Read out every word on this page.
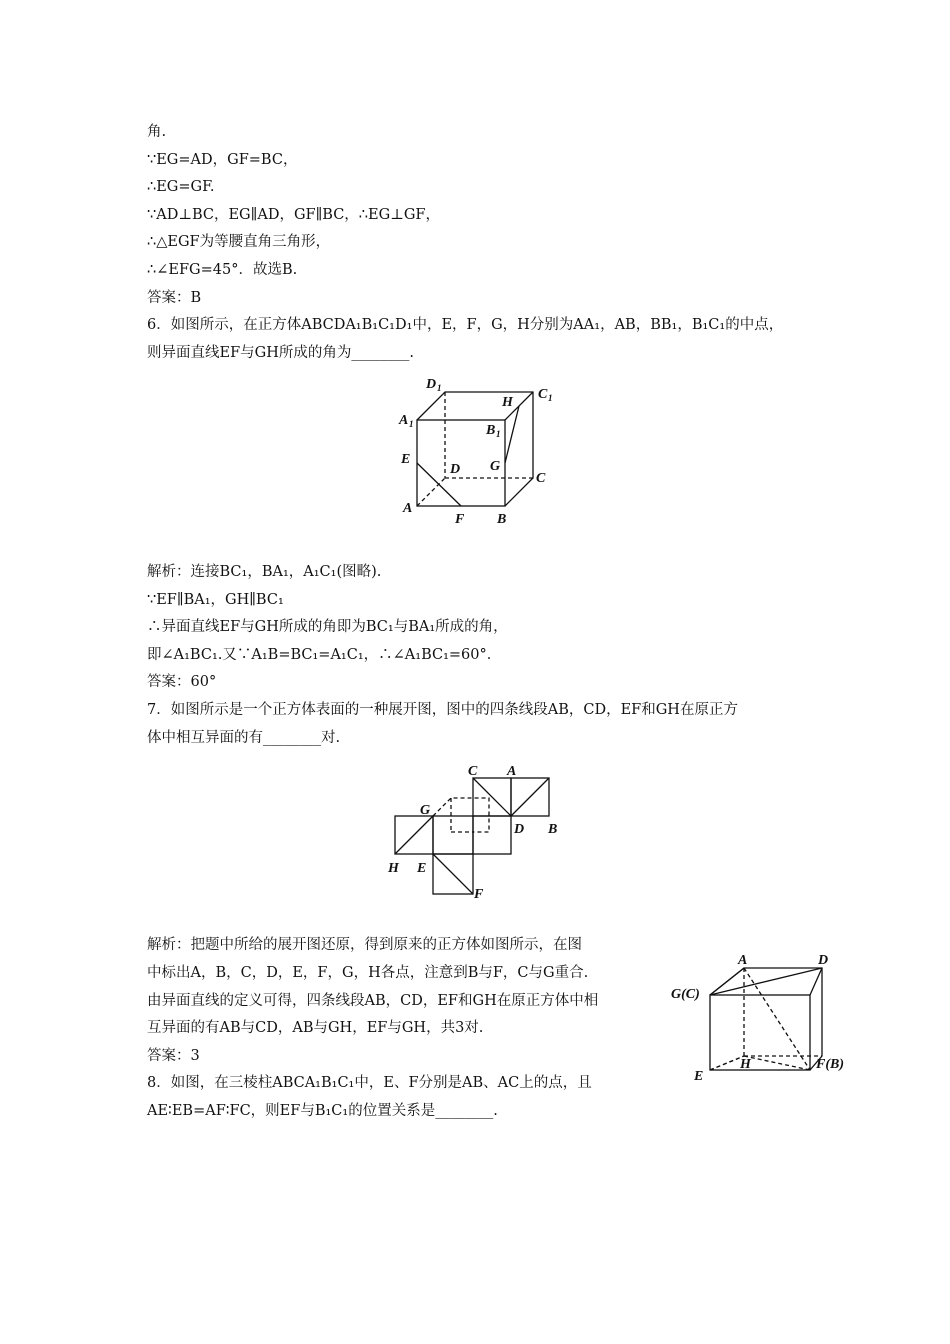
角.
∵EG=AD，GF=BC，
∴EG=GF.
∵AD⊥BC，EG∥AD，GF∥BC，∴EG⊥GF，
∴△EGF为等腰直角三角形，
∴∠EFG=45°．故选B.
答案：B
6．如图所示，在正方体ABCDA₁B₁C₁D₁中，E，F，G，H分别为AA₁，AB，BB₁，B₁C₁的中点，
则异面直线EF与GH所成的角为________.
解析：连接BC₁，BA₁，A₁C₁(图略).
∵EF∥BA₁，GH∥BC₁
∴异面直线EF与GH所成的角即为BC₁与BA₁所成的角，
即∠A₁BC₁.又∵A₁B=BC₁=A₁C₁，∴∠A₁BC₁=60°．
答案：60°
7．如图所示是一个正方体表面的一种展开图，图中的四条线段AB，CD，EF和GH在原正方
体中相互异面的有________对.
解析：把题中所给的展开图还原，得到原来的正方体如图所示，在图
中标出A，B，C，D，E，F，G，H各点，注意到B与F，C与G重合.
由异面直线的定义可得，四条线段AB，CD，EF和GH在原正方体中相
互异面的有AB与CD，AB与GH，EF与GH，共3对.
答案：3
8．如图，在三棱柱ABCA₁B₁C₁中，E、F分别是AB、AC上的点，且
AE∶EB=AF∶FC，则EF与B₁C₁的位置关系是________.
D 1	C 1
A 1
H
B 1
E
D G
C
A
F B
C A
G
D B
H E
F
A	D
G(C)
H	F(B)
E
